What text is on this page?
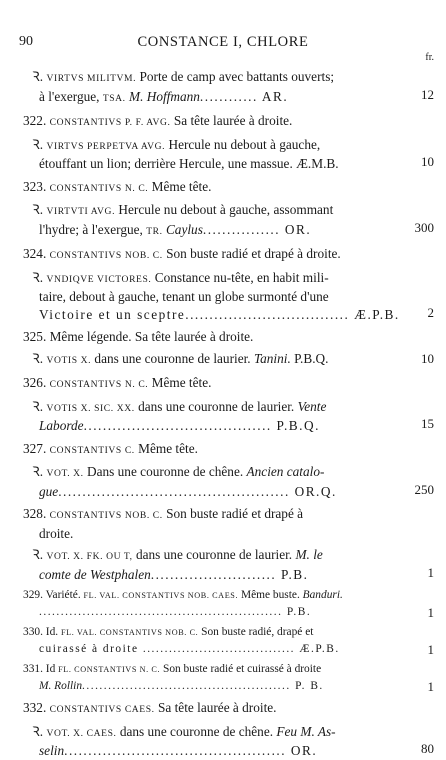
90	CONSTANCE I, CHLORE
fr.
Ꝛ. VIRTVS MILITVM. Porte de camp avec battants ouverts;
à l'exergue, TSA. M. Hoffmann............ AR.	12
322. CONSTANTIVS P. F. AVG. Sa tête laurée à droite.
Ꝛ. VIRTVS PERPETVA AVG. Hercule nu debout à gauche,
étouffant un lion; derrière Hercule, une massue. Æ.M.B.	10
323. CONSTANTIVS N. C. Même tête.
Ꝛ. VIRTVTI AVG. Hercule nu debout à gauche, assommant
l'hydre; à l'exergue, TR. Caylus................ OR.	300
324. CONSTANTIVS NOB. C. Son buste radié et drapé à droite.
Ꝛ. VNDIQVE VICTORES. Constance nu-tête, en habit mili-
taire, debout à gauche, tenant un globe surmonté d'une
Victoire et un sceptre.................................. Æ.P.B.	2
325. Même légende. Sa tête laurée à droite.
Ꝛ. VOTIS X. dans une couronne de laurier. Tanini. P.B.Q.	10
326. CONSTANTIVS N. C. Même tête.
Ꝛ. VOTIS X. SIC. XX. dans une couronne de laurier. Vente
Laborde....................................... P.B.Q.	15
327. CONSTANTIVS C. Même tête.
Ꝛ. VOT. X. Dans une couronne de chêne. Ancien catalo-
gue................................................ OR.Q.	250
328. CONSTANTIVS NOB. C. Son buste radié et drapé à
droite.
Ꝛ. VOT. X. FK. OU T, dans une couronne de laurier. M. le
comte de Westphalen.......................... P.B.	1
329. Variété. FL. VAL. CONSTANTIVS NOB. CAES. Même buste. Banduri.
........................................................ P.B.	1
330. Id. FL. VAL. CONSTANTIVS NOB. C. Son buste radié, drapé et
cuirassé à droite ................................... Æ.P.B.	1
331. Id FL. CONSTANTIVS N. C. Son buste radié et cuirassé à droite
M. Rollin................................................ P. B.	1
332. CONSTANTIVS CAES. Sa tête laurée à droite.
Ꝛ. VOT. X. CAES. dans une couronne de chêne. Feu M. As-
selin.............................................. OR.	80
